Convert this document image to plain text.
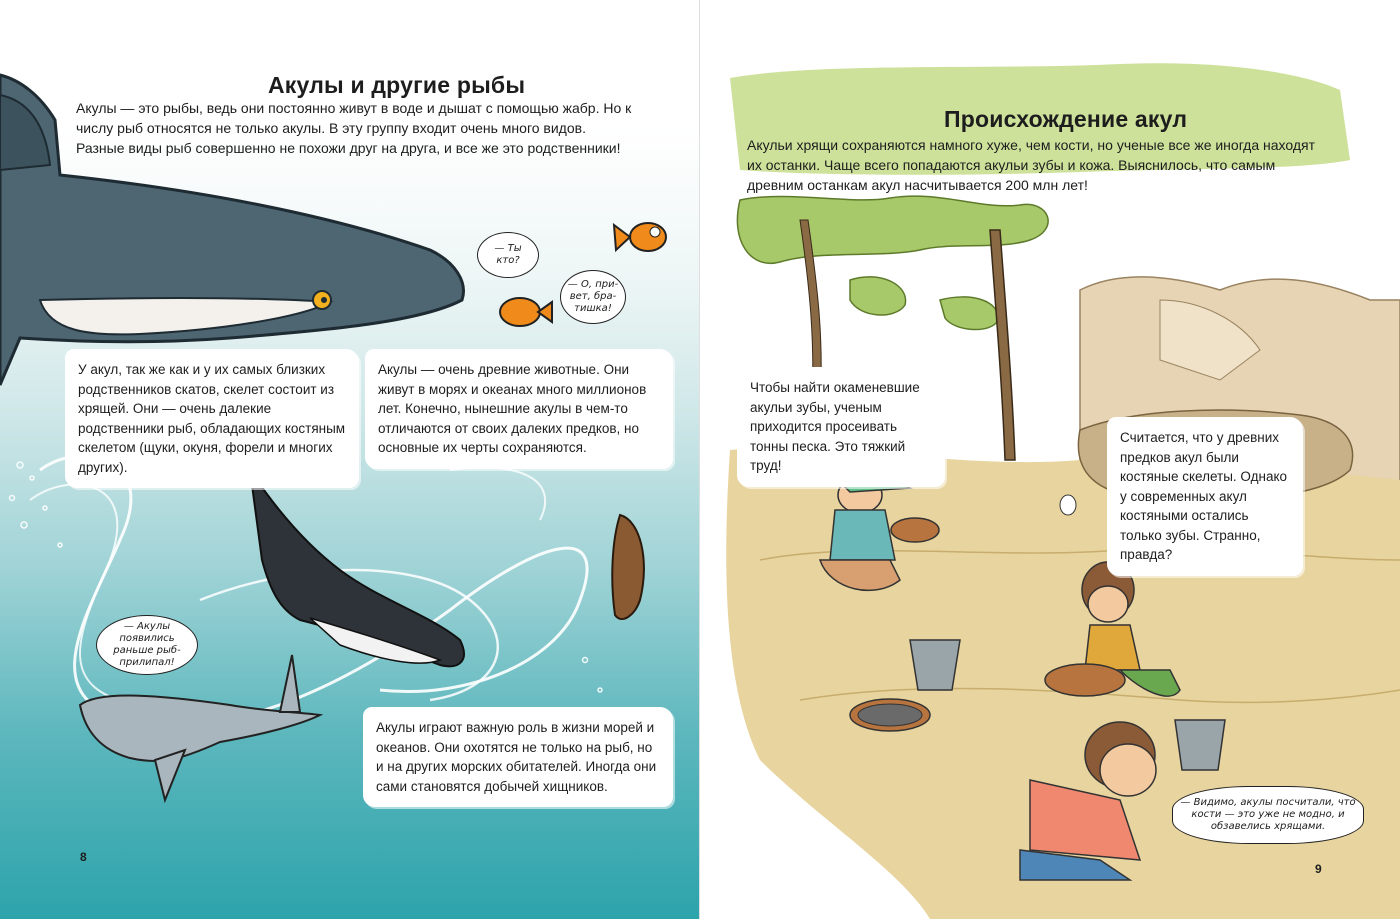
Акулы и другие рыбы

Акулы — это рыбы, ведь они постоянно живут в воде и дышат с помощью жабр. Но к числу рыб относятся не только акулы. В эту группу входит очень много видов. Разные виды рыб совершенно не похожи друг на друга, и все же это родственники!

— Ты кто?
— О, при-вет, бра-тишка!
У акул, так же как и у их самых близких родственников скатов, скелет состоит из хрящей. Они — очень далекие родственники рыб, обладающих костяным скелетом (щуки, окуня, форели и многих других).
Акулы — очень древние животные. Они живут в морях и океанах много миллионов лет. Конечно, нынешние акулы в чем-то отличаются от своих далеких предков, но основные их черты сохраняются.
— Акулы появились раньше рыб-прилипал!
Акулы играют важную роль в жизни морей и океанов. Они охотятся не только на рыб, но и на других морских обитателей. Иногда они сами становятся добычей хищников.
8
Происхождение акул

Акульи хрящи сохраняются намного хуже, чем кости, но ученые все же иногда находят их останки. Чаще всего попадаются акульи зубы и кожа. Выяснилось, что самым древним останкам акул насчитывается 200 млн лет!

Чтобы найти окаменевшие акульи зубы, ученым приходится просеивать тонны песка. Это тяжкий труд!
Считается, что у древних предков акул были костяные скелеты. Однако у современных акул костяными остались только зубы. Странно, правда?
— Видимо, акулы посчитали, что кости — это уже не модно, и обзавелись хрящами.
9
